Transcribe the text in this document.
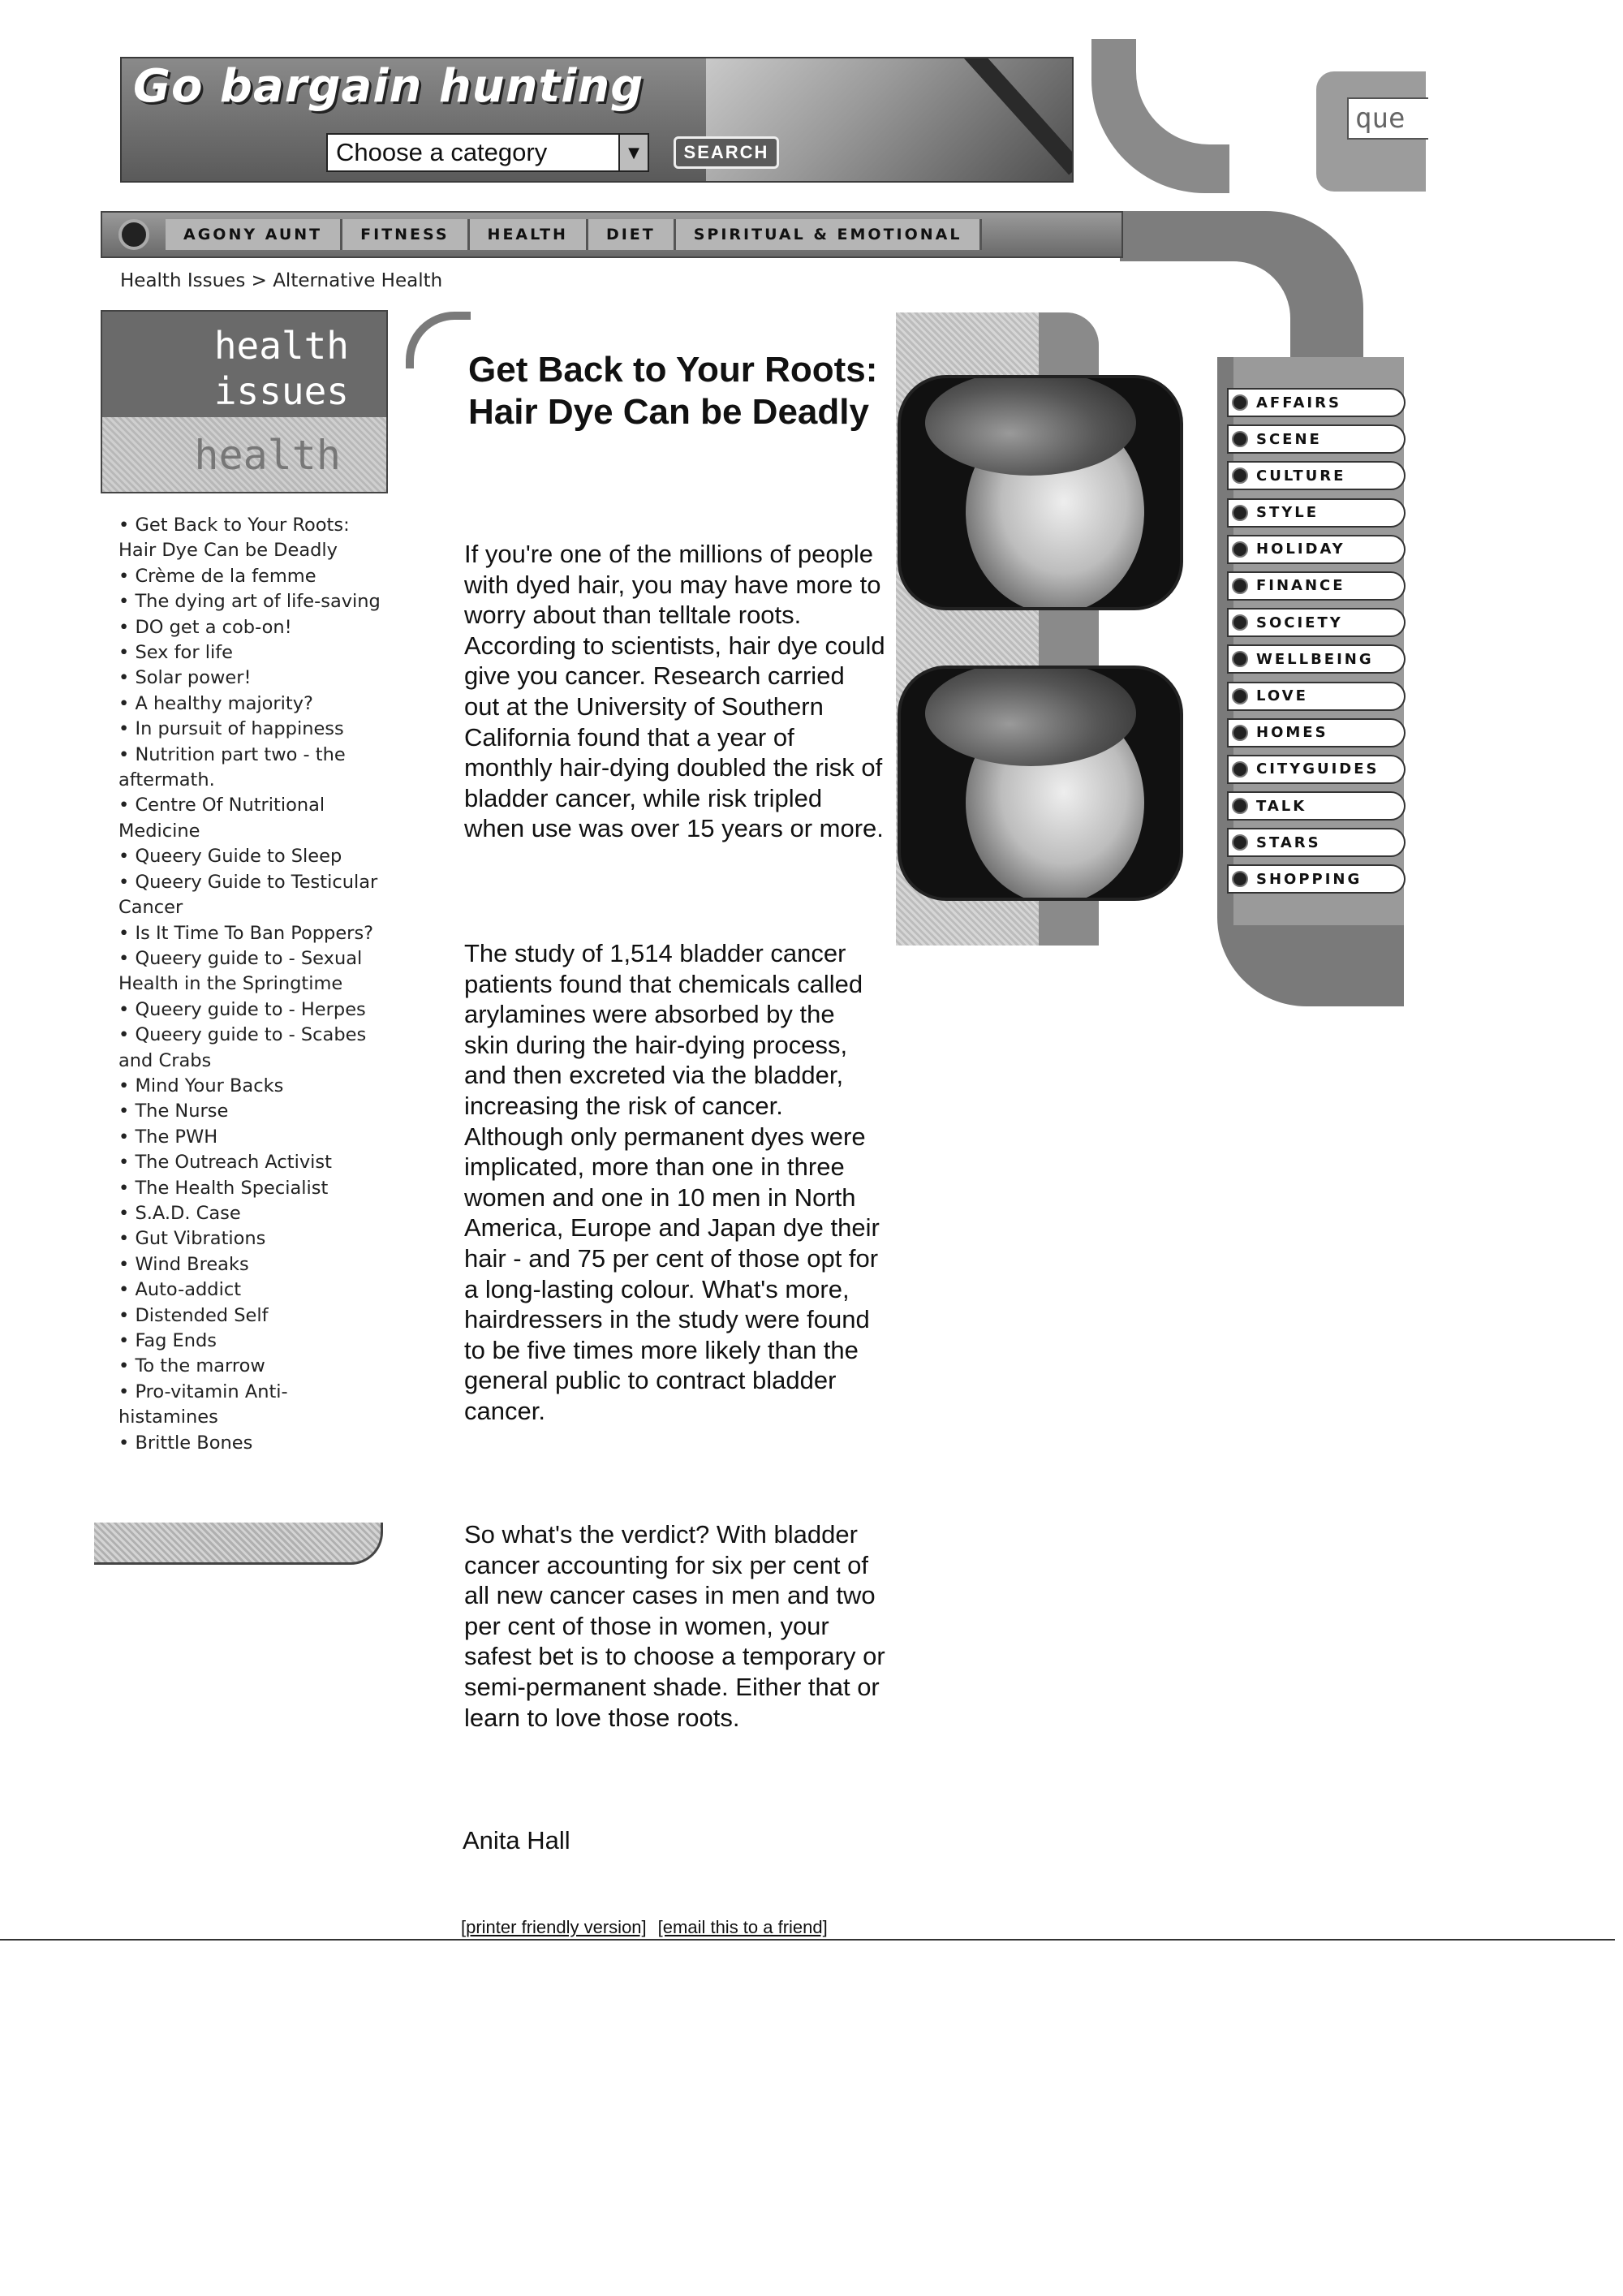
Go bargain hunting
Choose a category	▼	SEARCH
que
AGONY AUNT	FITNESS	HEALTH	DIET	SPIRITUAL & EMOTIONAL
Health Issues > Alternative Health
health
issues
health
• Get Back to Your Roots: Hair Dye Can be Deadly
• Crème de la femme
• The dying art of life-saving
• DO get a cob-on!
• Sex for life
• Solar power!
• A healthy majority?
• In pursuit of happiness
• Nutrition part two - the aftermath.
• Centre Of Nutritional Medicine
• Queery Guide to Sleep
• Queery Guide to Testicular Cancer
• Is It Time To Ban Poppers?
• Queery guide to - Sexual Health in the Springtime
• Queery guide to - Herpes
• Queery guide to - Scabes and Crabs
• Mind Your Backs
• The Nurse
• The PWH
• The Outreach Activist
• The Health Specialist
• S.A.D. Case
• Gut Vibrations
• Wind Breaks
• Auto-addict
• Distended Self
• Fag Ends
• To the marrow
• Pro-vitamin Anti-histamines
• Brittle Bones
Get Back to Your Roots: Hair Dye Can be Deadly

If you're one of the millions of people with dyed hair, you may have more to worry about than telltale roots. According to scientists, hair dye could give you cancer. Research carried out at the University of Southern California found that a year of monthly hair-dying doubled the risk of bladder cancer, while risk tripled when use was over 15 years or more.

The study of 1,514 bladder cancer patients found that chemicals called arylamines were absorbed by the skin during the hair-dying process, and then excreted via the bladder, increasing the risk of cancer. Although only permanent dyes were implicated, more than one in three women and one in 10 men in North America, Europe and Japan dye their hair - and 75 per cent of those opt for a long-lasting colour. What's more, hairdressers in the study were found to be five times more likely than the general public to contract bladder cancer.

So what's the verdict? With bladder cancer accounting for six per cent of all new cancer cases in men and two per cent of those in women, your safest bet is to choose a temporary or semi-permanent shade. Either that or learn to love those roots.

Anita Hall
[printer friendly version] [email this to a friend]
AFFAIRS
SCENE
CULTURE
STYLE
HOLIDAY
FINANCE
SOCIETY
WELLBEING
LOVE
HOMES
CITYGUIDES
TALK
STARS
SHOPPING
